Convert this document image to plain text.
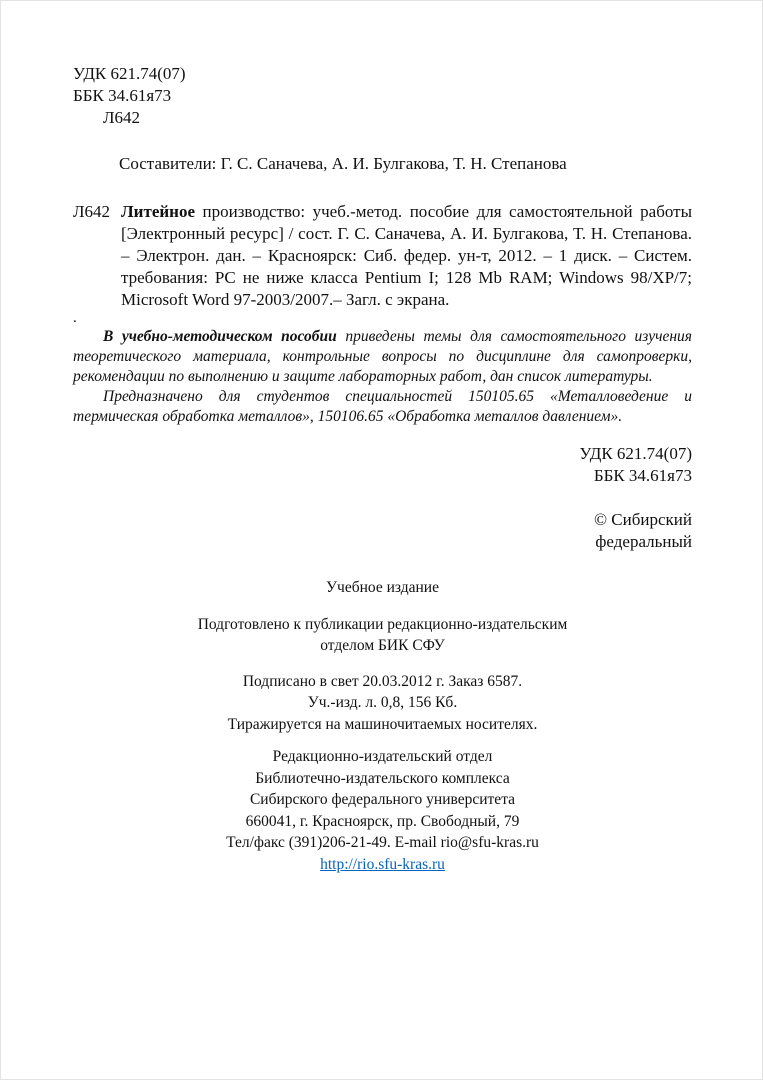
УДК 621.74(07)
ББК 34.61я73
Л642

Составители: Г. С. Саначева, А. И. Булгакова, Т. Н. Степанова

Л642 Литейное производство: учеб.-метод. пособие для самостоятельной работы [Электронный ресурс] / сост. Г. С. Саначева, А. И. Булгакова, Т. Н. Степанова. – Электрон. дан. – Красноярск: Сиб. федер. ун-т, 2012. – 1 диск. – Систем. требования: PC не ниже класса Pentium I; 128 Mb RAM; Windows 98/XP/7; Microsoft Word 97-2003/2007.– Загл. с экрана.

.

В учебно-методическом пособии приведены темы для самостоятельного изучения теоретического материала, контрольные вопросы по дисциплине для самопроверки, рекомендации по выполнению и защите лабораторных работ, дан список литературы.

Предназначено для студентов специальностей 150105.65 «Металловедение и термическая обработка металлов», 150106.65 «Обработка металлов давлением».

УДК 621.74(07)
ББК 34.61я73
© Сибирский
федеральный
Учебное издание
Подготовлено к публикации редакционно-издательским
отделом БИК СФУ
Подписано в свет 20.03.2012 г. Заказ 6587.
Уч.-изд. л. 0,8, 156 Кб.
Тиражируется на машиночитаемых носителях.
Редакционно-издательский отдел
Библиотечно-издательского комплекса
Сибирского федерального университета
660041, г. Красноярск, пр. Свободный, 79
Тел/факс (391)206-21-49. E-mail rio@sfu-kras.ru
http://rio.sfu-kras.ru
